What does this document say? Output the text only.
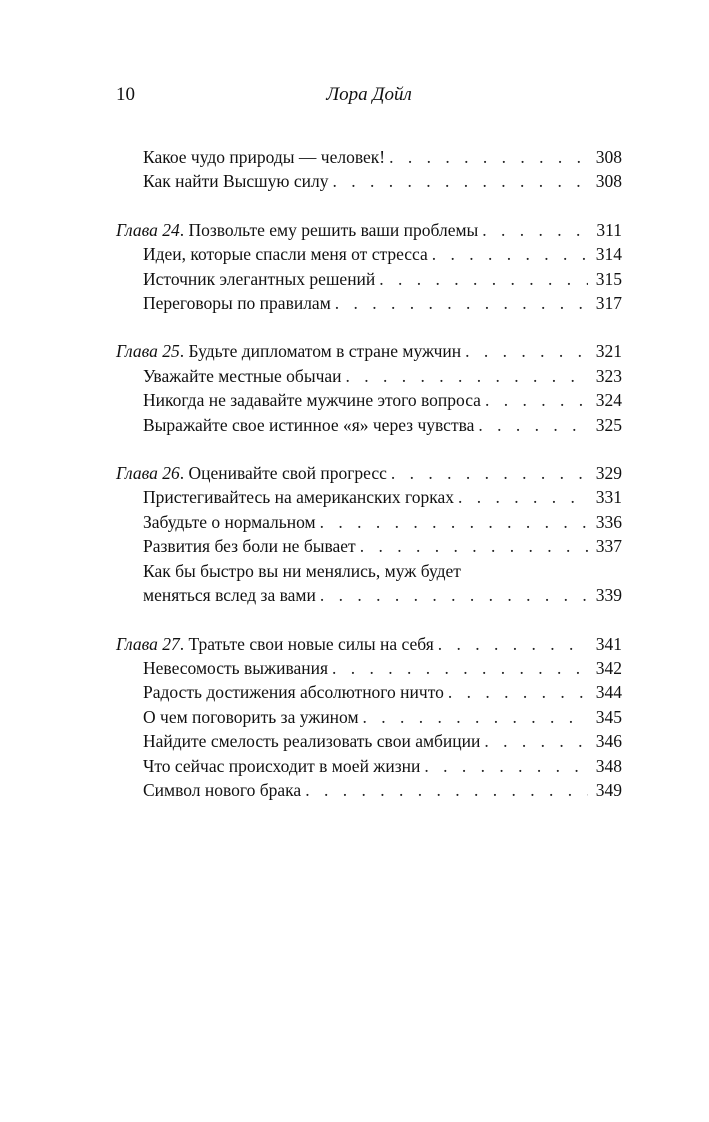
10	Лора Дойл
Какое чудо природы — человек! . . .	308
Как найти Высшую силу . . .	308
Глава 24. Позвольте ему решить ваши проблемы . . .	311
Идеи, которые спасли меня от стресса . . .	314
Источник элегантных решений . . .	315
Переговоры по правилам . . .	317
Глава 25. Будьте дипломатом в стране мужчин . . .	321
Уважайте местные обычаи . . .	323
Никогда не задавайте мужчине этого вопроса . . .	324
Выражайте свое истинное «я» через чувства . . .	325
Глава 26. Оценивайте свой прогресс . . .	329
Пристегивайтесь на американских горках . . .	331
Забудьте о нормальном . . .	336
Развития без боли не бывает . . .	337
Как бы быстро вы ни менялись, муж будет
меняться вслед за вами . . .	339
Глава 27. Тратьте свои новые силы на себя . . .	341
Невесомость выживания . . .	342
Радость достижения абсолютного ничто . . .	344
О чем поговорить за ужином . . .	345
Найдите смелость реализовать свои амбиции . . .	346
Что сейчас происходит в моей жизни . . .	348
Символ нового брака . . .	349
